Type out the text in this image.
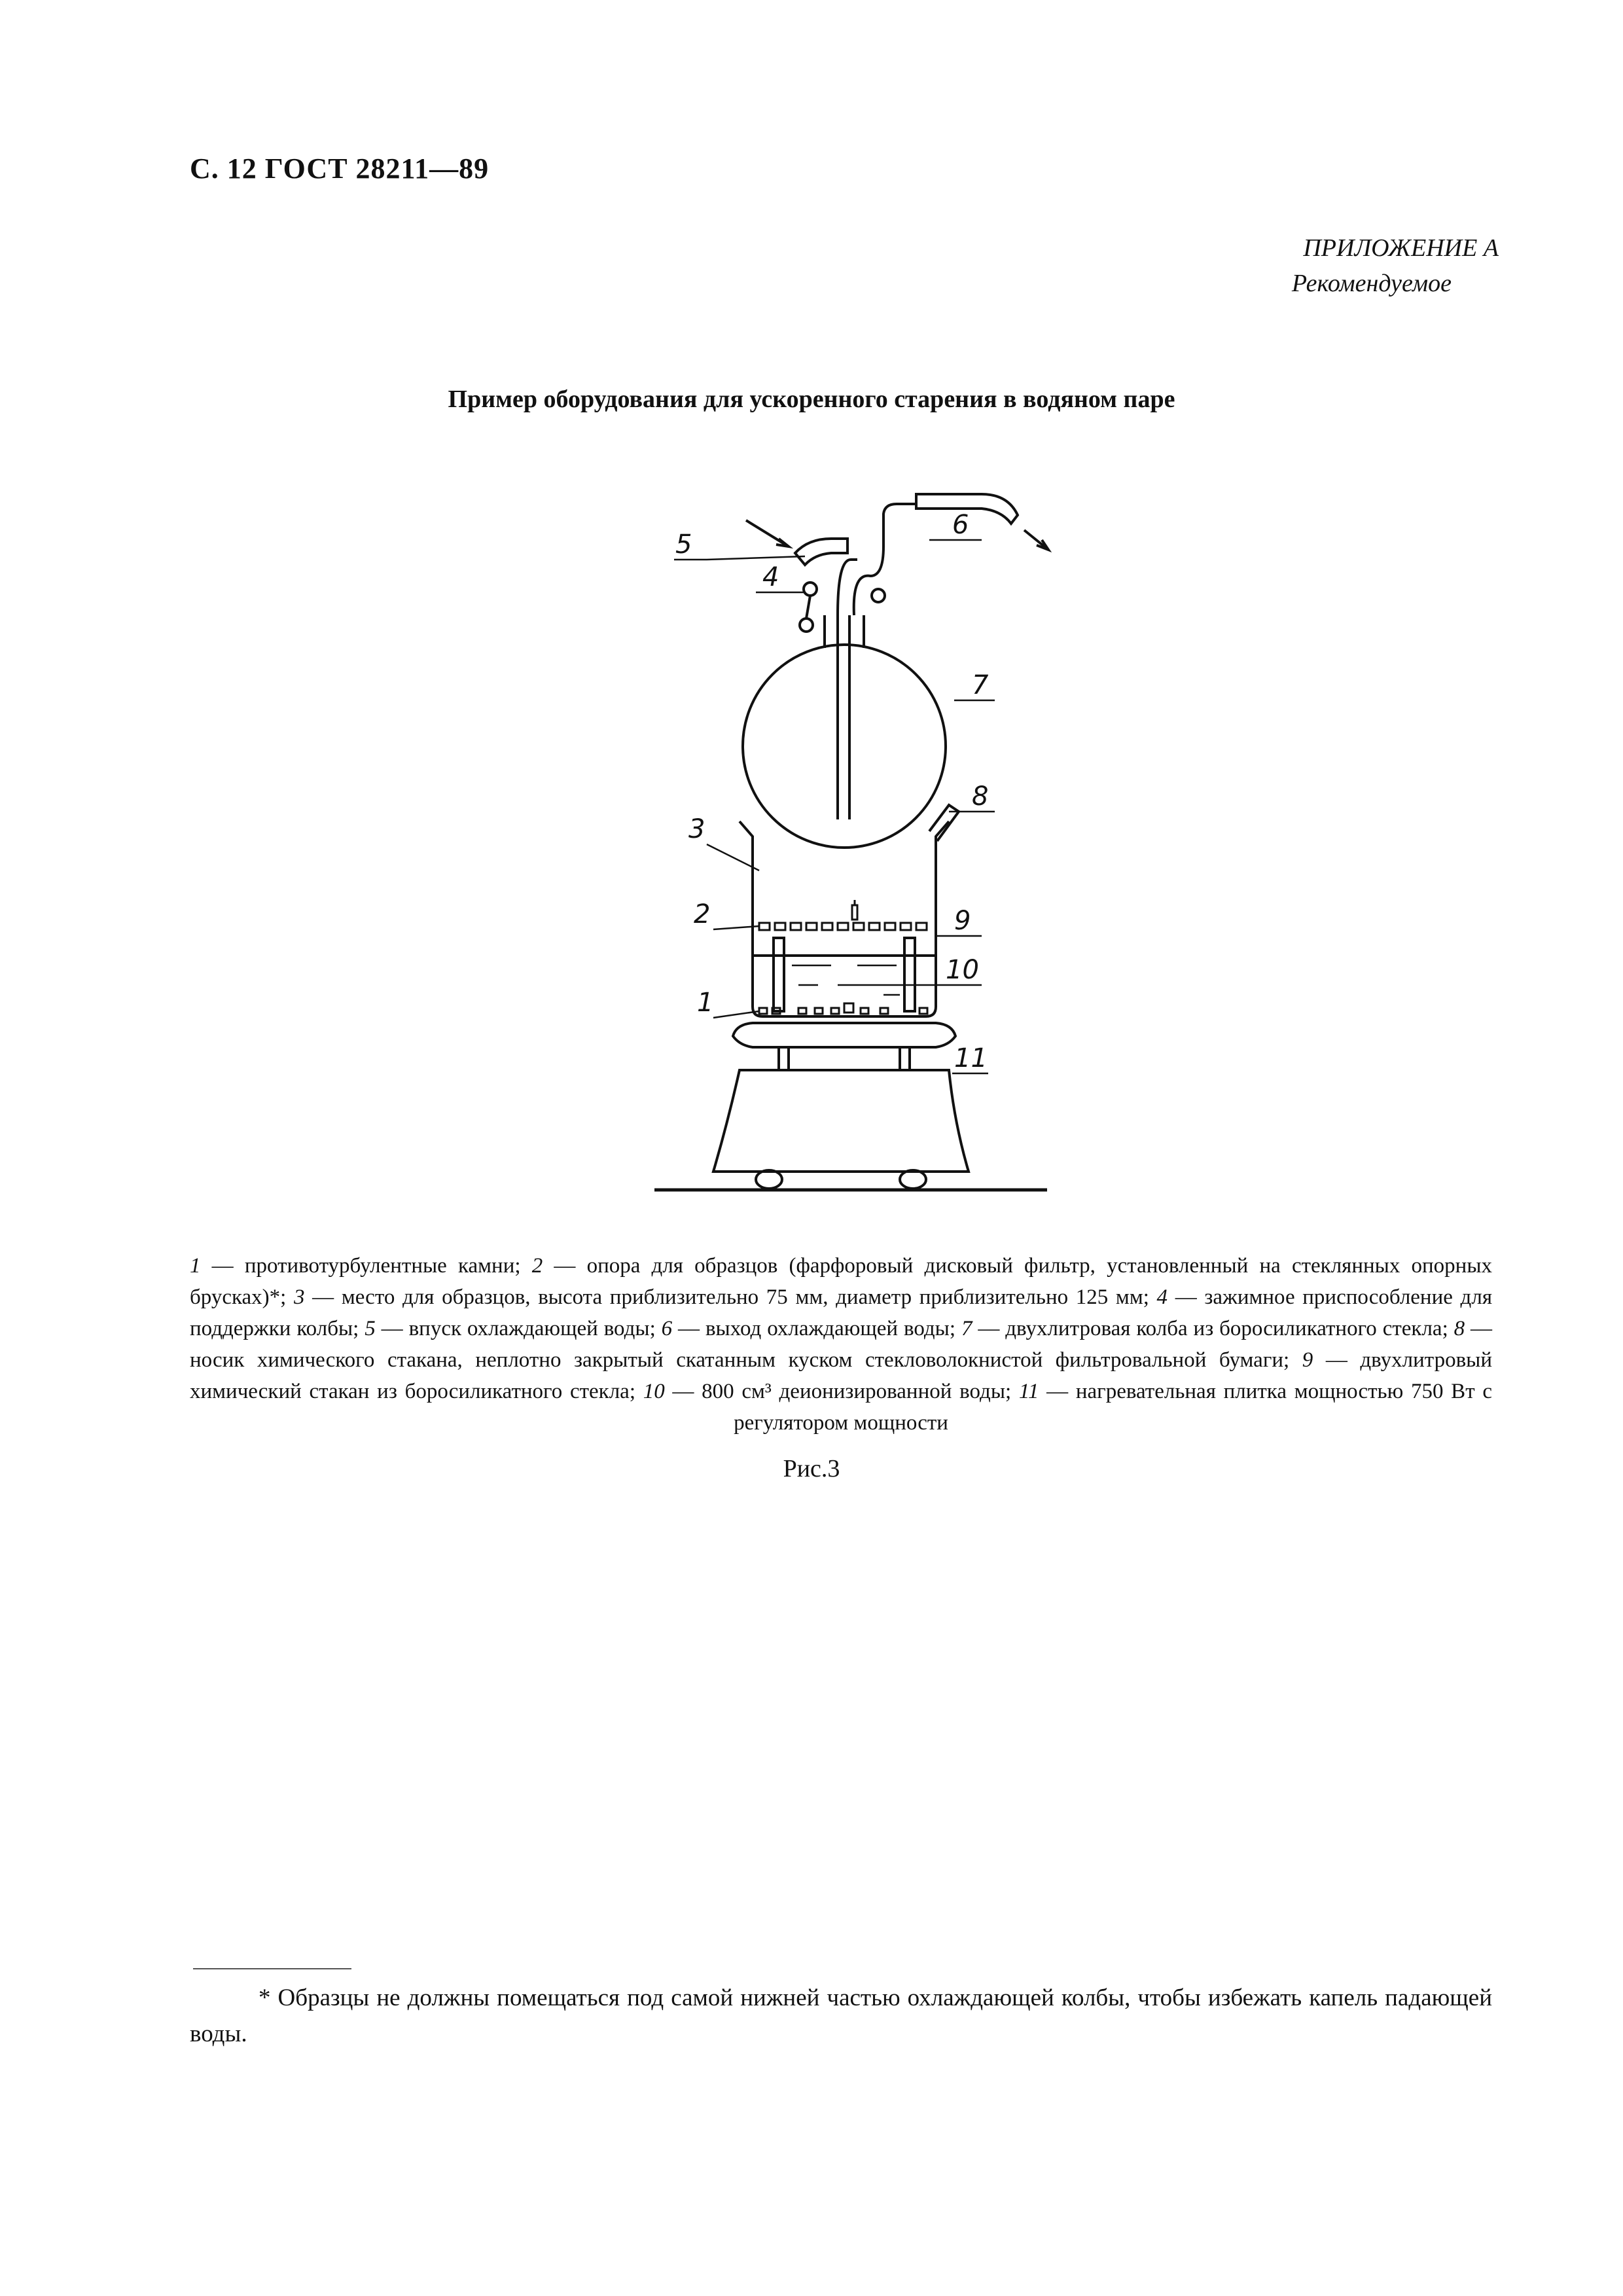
С. 12 ГОСТ 28211—89
ПРИЛОЖЕНИЕ А
Рекомендуемое
Пример оборудования для ускоренного старения в водяном паре
5
4
6
7
8
3
2	9
10
1
11
1 — противотурбулентные камни; 2 — опора для образцов (фарфоровый дисковый фильтр, установленный на стеклянных опорных брусках)*; 3 — место для образцов, высота приблизительно 75 мм, диаметр приблизительно 125 мм; 4 — зажимное приспособление для поддержки колбы; 5 — впуск охлаждающей воды; 6 — выход охлаждающей воды; 7 — двухлитровая колба из боросиликатного стекла; 8 — носик химического стакана, неплотно закрытый скатанным куском стекловолокнистой фильтровальной бумаги; 9 — двухлитровый химический стакан из боросиликатного стекла; 10 — 800 см³ деионизированной воды; 11 — нагревательная плитка мощностью 750 Вт с регулятором мощности
Рис.3
* Образцы не должны помещаться под самой нижней частью охлаждающей колбы, чтобы избежать капель падающей воды.
